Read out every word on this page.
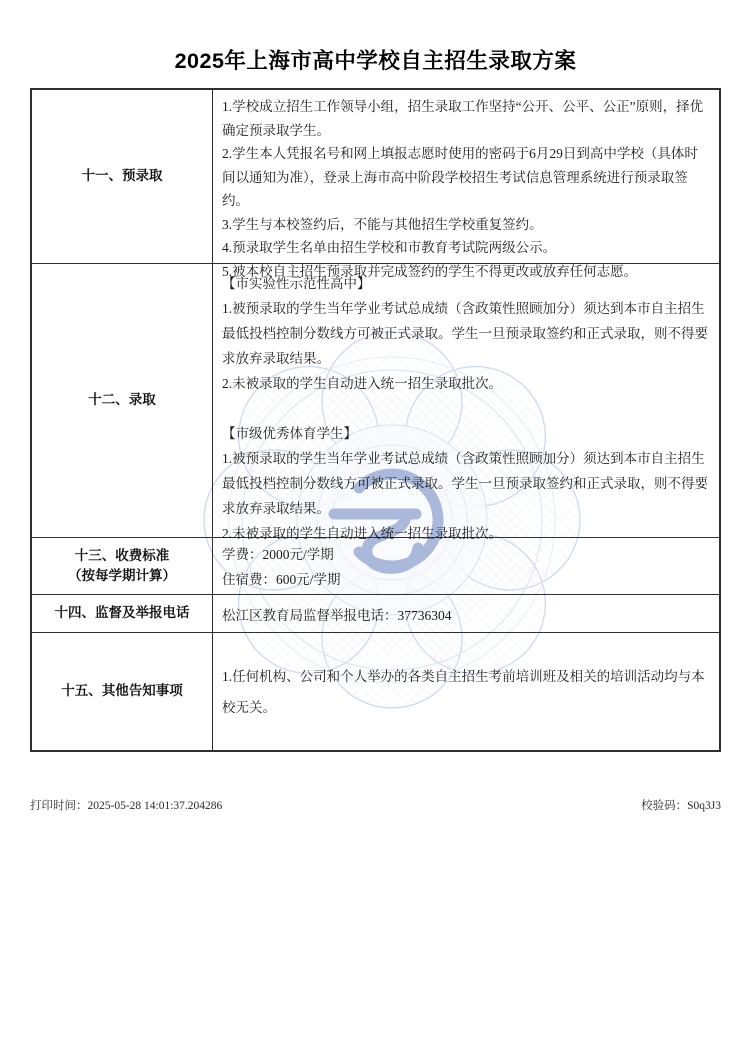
2025年上海市高中学校自主招生录取方案
十一、预录取

1.学校成立招生工作领导小组，招生录取工作坚持“公开、公平、公正”原则，择优确定预录取学生。

2.学生本人凭报名号和网上填报志愿时使用的密码于6月29日到高中学校（具体时间以通知为准），登录上海市高中阶段学校招生考试信息管理系统进行预录取签约。

3.学生与本校签约后，不能与其他招生学校重复签约。

4.预录取学生名单由招生学校和市教育考试院两级公示。

5.被本校自主招生预录取并完成签约的学生不得更改或放弃任何志愿。

十二、录取

【市实验性示范性高中】

1.被预录取的学生当年学业考试总成绩（含政策性照顾加分）须达到本市自主招生最低投档控制分数线方可被正式录取。学生一旦预录取签约和正式录取，则不得要求放弃录取结果。

2.未被录取的学生自动进入统一招生录取批次。

【市级优秀体育学生】

1.被预录取的学生当年学业考试总成绩（含政策性照顾加分）须达到本市自主招生最低投档控制分数线方可被正式录取。学生一旦预录取签约和正式录取，则不得要求放弃录取结果。

2.未被录取的学生自动进入统一招生录取批次。

十三、收费标准
（按每学期计算）

学费：2000元/学期

住宿费：600元/学期

十四、监督及举报电话 松江区教育局监督举报电话：37736304

十五、其他告知事项

1.任何机构、公司和个人举办的各类自主招生考前培训班及相关的培训活动均与本校无关。

打印时间：2025-05-28 14:01:37.204286	校验码：S0q3J3
